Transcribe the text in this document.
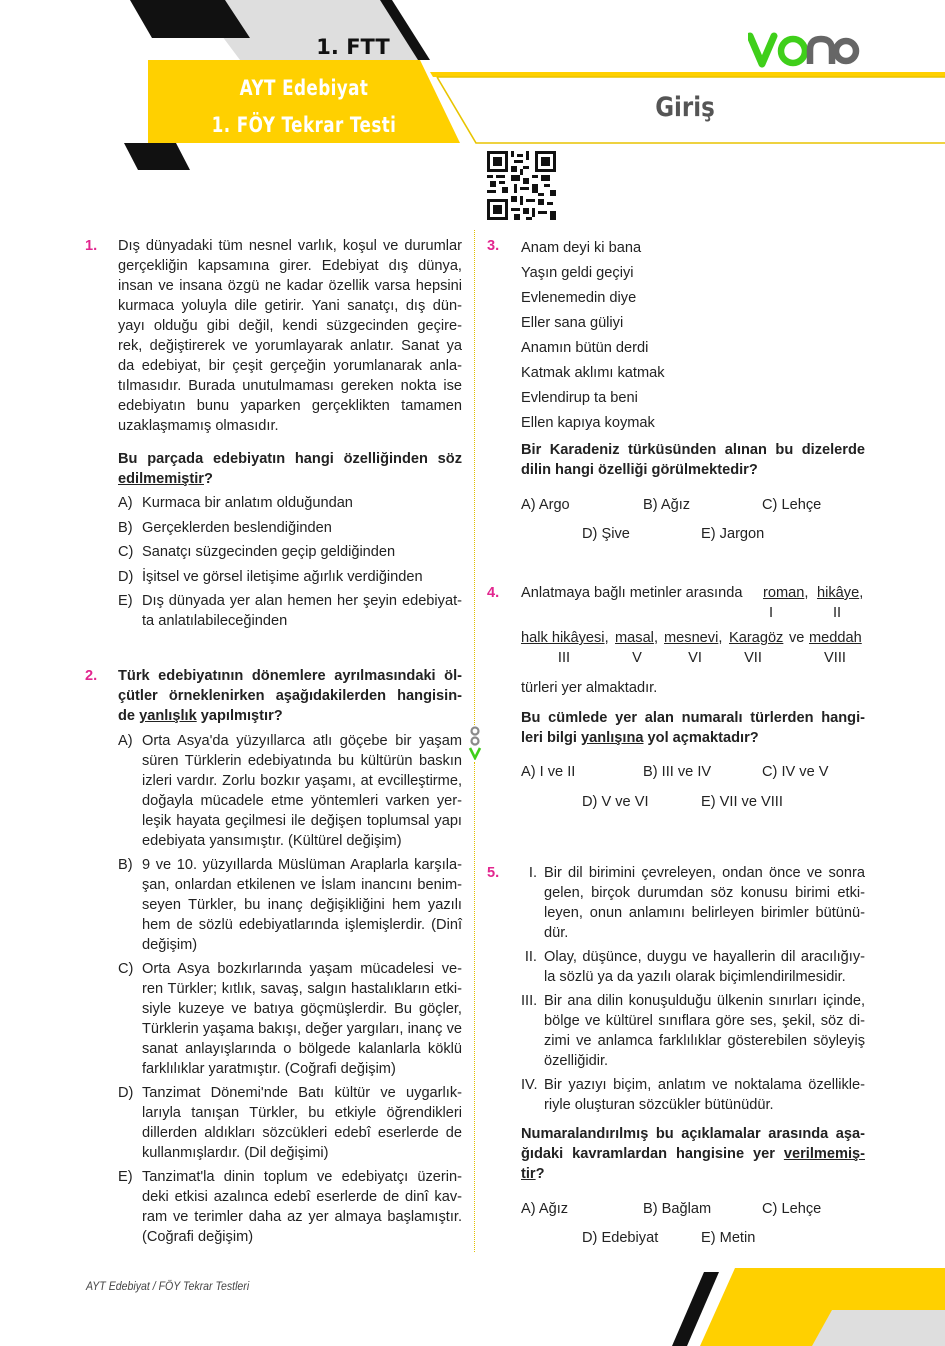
1. FTT
AYT Edebiyat
1. FÖY Tekrar Testi
Giriş
1. Dış dünyadaki tüm nesnel varlık, koşul ve durumlar
gerçekliğin kapsamına girer. Edebiyat dış dünya,
insan ve insana özgü ne kadar özellik varsa hepsini
kurmaca yoluyla dile getirir. Yani sanatçı, dış dün-
yayı olduğu gibi değil, kendi süzgecinden geçire-
rek, değiştirerek ve yorumlayarak anlatır. Sanat ya
da edebiyat, bir çeşit gerçeğin yorumlanarak anla-
tılmasıdır. Burada unutulmaması gereken nokta ise
edebiyatın bunu yaparken gerçeklikten tamamen
uzaklaşmamış olmasıdır.
Bu parçada edebiyatın hangi özelliğinden söz
edilmemiştir?
A) Kurmaca bir anlatım olduğundan
B) Gerçeklerden beslendiğinden
C) Sanatçı süzgecinden geçip geldiğinden
D) İşitsel ve görsel iletişime ağırlık verdiğinden
E) Dış dünyada yer alan hemen her şeyin edebiyat-
ta anlatılabileceğinden
2. Türk edebiyatının dönemlere ayrılmasındaki öl-
çütler örneklenirken aşağıdakilerden hangisin-
de yanlışlık yapılmıştır?
A) Orta Asya'da yüzyıllarca atlı göçebe bir yaşam
süren Türklerin edebiyatında bu kültürün baskın
izleri vardır. Zorlu bozkır yaşamı, at evcilleştirme,
doğayla mücadele etme yöntemleri varken yer-
leşik hayata geçilmesi ile değişen toplumsal yapı
edebiyata yansımıştır. (Kültürel değişim)
B) 9 ve 10. yüzyıllarda Müslüman Araplarla karşıla-
şan, onlardan etkilenen ve İslam inancını benim-
seyen Türkler, bu inanç değişikliğini hem yazılı
hem de sözlü edebiyatlarında işlemişlerdir. (Dinî
değişim)
C) Orta Asya bozkırlarında yaşam mücadelesi ve-
ren Türkler; kıtlık, savaş, salgın hastalıkların etki-
siyle kuzeye ve batıya göçmüşlerdir. Bu göçler,
Türklerin yaşama bakışı, değer yargıları, inanç ve
sanat anlayışlarında o bölgede kalanlarla köklü
farklılıklar yaratmıştır. (Coğrafi değişim)
D) Tanzimat Dönemi'nde Batı kültür ve uygarlık-
larıyla tanışan Türkler, bu etkiyle öğrendikleri
dillerden aldıkları sözcükleri edebî eserlerde de
kullanmışlardır. (Dil değişimi)
E) Tanzimat'la dinin toplum ve edebiyatçı üzerin-
deki etkisi azalınca edebî eserlerde de dinî kav-
ram ve terimler daha az yer almaya başlamıştır.
(Coğrafi değişim)
3. Anam deyi ki bana
Yaşın geldi geçiyi
Evlenemedin diye
Eller sana güliyi
Anamın bütün derdi
Katmak aklımı katmak
Evlendirup ta beni
Ellen kapıya koymak
Bir Karadeniz türküsünden alınan bu dizelerde
dilin hangi özelliği görülmektedir?
A) Argo	B) Ağız	C) Lehçe
D) Şive	E) Jargon
4. Anlatmaya bağlı metinler arasında roman, hikâye,
I	II
halk hikâyesi, masal, mesnevi, Karagöz ve meddah
III	V	VI	VII	VIII
türleri yer almaktadır.
Bu cümlede yer alan numaralı türlerden hangi-
leri bilgi yanlışına yol açmaktadır?
A) I ve II	B) III ve IV	C) IV ve V
D) V ve VI	E) VII ve VIII
5.	I. Bir dil birimini çevreleyen, ondan önce ve sonra
gelen, birçok durumdan söz konusu birimi etki-
leyen, onun anlamını belirleyen birimler bütünü-
dür.
II. Olay, düşünce, duygu ve hayallerin dil aracılığıy-
la sözlü ya da yazılı olarak biçimlendirilmesidir.
III. Bir ana dilin konuşulduğu ülkenin sınırları içinde,
bölge ve kültürel sınıflara göre ses, şekil, söz di-
zimi ve anlamca farklılıklar gösterebilen söyleyiş
özelliğidir.
IV. Bir yazıyı biçim, anlatım ve noktalama özellikle-
riyle oluşturan sözcükler bütünüdür.
Numaralandırılmış bu açıklamalar arasında aşa-
ğıdaki kavramlardan hangisine yer verilmemiş-
tir?
A) Ağız	B) Bağlam	C) Lehçe
D) Edebiyat	E) Metin
AYT Edebiyat / FÖY Tekrar Testleri
